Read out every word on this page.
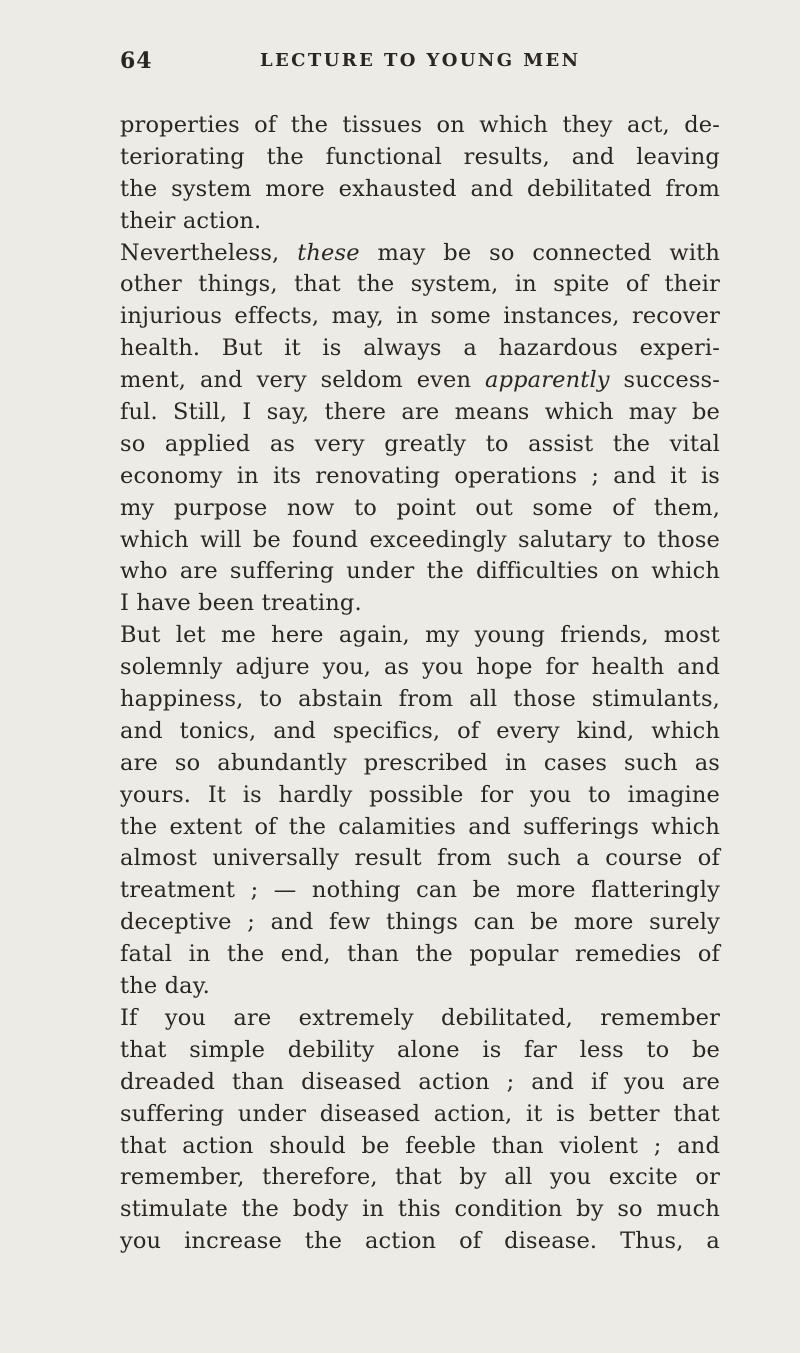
64	LECTURE TO YOUNG MEN
properties of the tissues on which they act, de-
teriorating the functional results, and leaving
the system more exhausted and debilitated from
their action.
Nevertheless, these may be so connected with
other things, that the system, in spite of their
injurious effects, may, in some instances, recover
health. But it is always a hazardous experi-
ment, and very seldom even apparently success-
ful. Still, I say, there are means which may be
so applied as very greatly to assist the vital
economy in its renovating operations ; and it is
my purpose now to point out some of them,
which will be found exceedingly salutary to those
who are suffering under the difficulties on which
I have been treating.
But let me here again, my young friends, most
solemnly adjure you, as you hope for health and
happiness, to abstain from all those stimulants,
and tonics, and specifics, of every kind, which
are so abundantly prescribed in cases such as
yours. It is hardly possible for you to imagine
the extent of the calamities and sufferings which
almost universally result from such a course of
treatment ; — nothing can be more flatteringly
deceptive ; and few things can be more surely
fatal in the end, than the popular remedies of
the day.
If you are extremely debilitated, remember
that simple debility alone is far less to be
dreaded than diseased action ; and if you are
suffering under diseased action, it is better that
that action should be feeble than violent ; and
remember, therefore, that by all you excite or
stimulate the body in this condition by so much
you increase the action of disease. Thus, a
